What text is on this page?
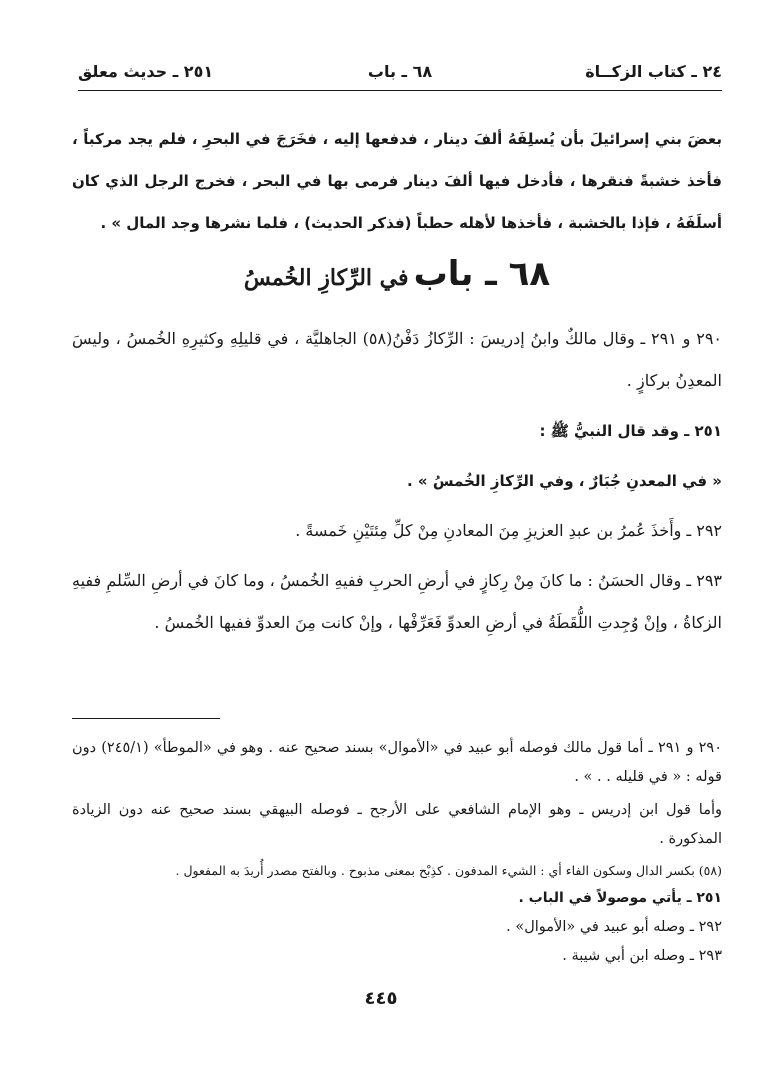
٢٤ ـ كتاب الزكــاة
٦٨ ـ باب
٢٥١ ـ حديث معلق

بعضَ بني إسرائيلَ بأن يُسلِفَهُ ألفَ دينار ، فدفعها إليه ، فخَرَجَ في البحرِ ، فلم يجد مركباً ، فأخذ خشبةً فنقرها ، فأدخل فيها ألفَ دينار فرمى بها في البحر ، فخرج الرجل الذي كان أسلَفَهُ ، فإذا بالخشبة ، فأخذها لأهله حطباً (فذكر الحديث) ، فلما نشرها وجد المال » .

٦٨ ـ باب في الرِّكازِ الخُمسُ

٢٩٠ و ٢٩١ ـ وقال مالكٌ وابنُ إدريسَ : الرِّكازُ دَفْنُ(٥٨) الجاهليَّة ، في قليلِهِ وكثيرِهِ الخُمسُ ، وليسَ المعدِنُ بركازٍ .

٢٥١ ـ وقد قال النبيُّ ﷺ :

« في المعدنِ جُبَارٌ ، وفي الرِّكازِ الخُمسُ » .

٢٩٢ ـ وأَخذَ عُمرُ بن عبدِ العزيزِ مِنَ المعادنِ مِنْ كلِّ مِئتَيْنِ خَمسةً .

٢٩٣ ـ وقال الحسَنُ : ما كانَ مِنْ رِكازٍ في أرضِ الحربِ ففيهِ الخُمسُ ، وما كانَ في أرضِ السِّلمِ ففيهِ الزكاةُ ، وإنْ وُجِدتِ اللُّقَطَةُ في أرضِ العدوِّ فَعَرِّفْها ، وإنْ كانت مِنَ العدوِّ ففيها الخُمسُ .

٢٩٠ و ٢٩١ ـ أما قول مالك فوصله أبو عبيد في «الأموال» بسند صحيح عنه . وهو في «الموطأ» (٢٤٥/١) دون قوله : « في قليله . . » .

وأما قول ابن إدريس ـ وهو الإمام الشافعي على الأرجح ـ فوصله البيهقي بسند صحيح عنه دون الزيادة المذكورة .

(٥٨) بكسر الدال وسكون الفاء أي : الشيء المدفون . كذِبْح بمعنى مذبوح . وبالفتح مصدر أُريدَ به المفعول .

٢٥١ ـ يأتي موصولاً في الباب .

٢٩٢ ـ وصله أبو عبيد في «الأموال» .

٢٩٣ ـ وصله ابن أبي شيبة .

٤٤٥
